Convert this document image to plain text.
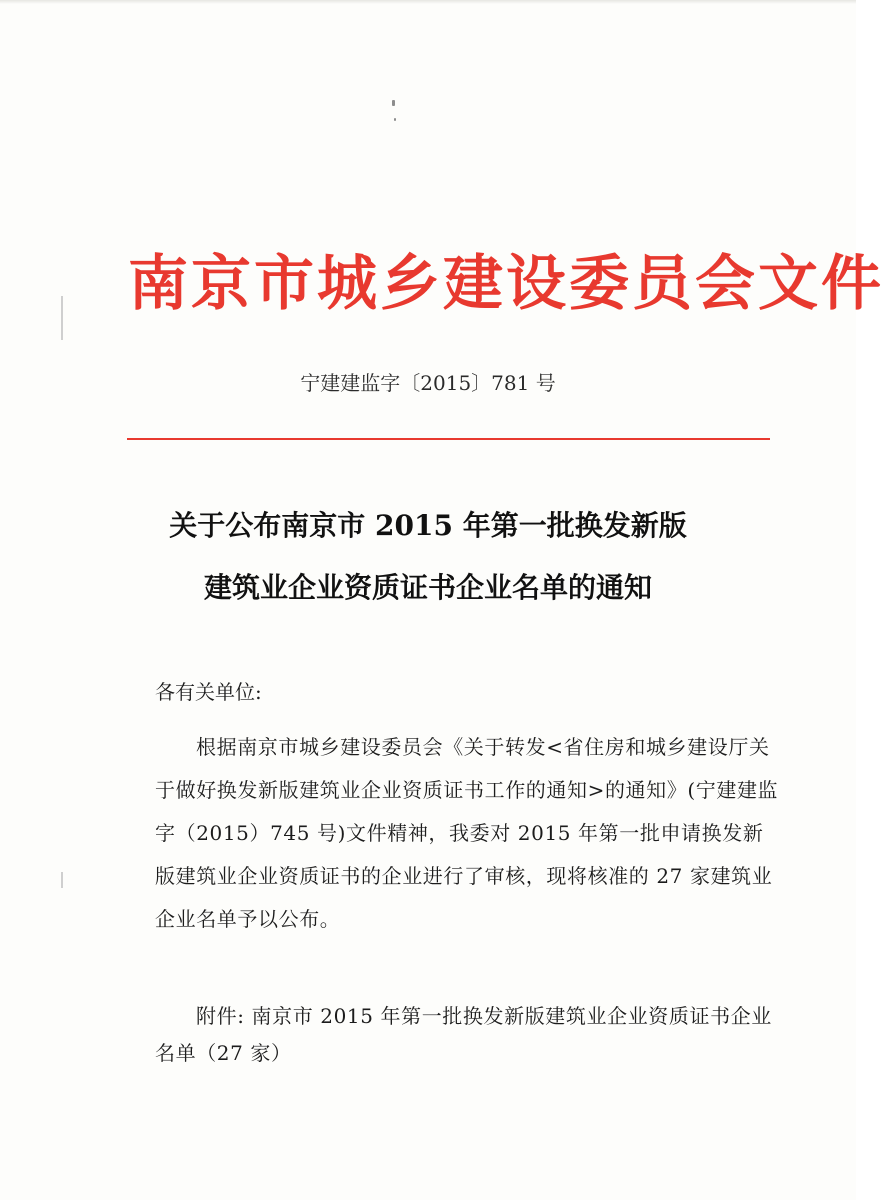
南京市城乡建设委员会文件
宁建建监字〔2015〕781 号
关于公布南京市 2015 年第一批换发新版
建筑业企业资质证书企业名单的通知
各有关单位:

根据南京市城乡建设委员会《关于转发<省住房和城乡建设厅关于做好换发新版建筑业企业资质证书工作的通知>的通知》(宁建建监字（2015）745 号)文件精神，我委对 2015 年第一批申请换发新版建筑业企业资质证书的企业进行了审核，现将核准的 27 家建筑业企业名单予以公布。

附件: 南京市 2015 年第一批换发新版建筑业企业资质证书企业名单（27 家）
